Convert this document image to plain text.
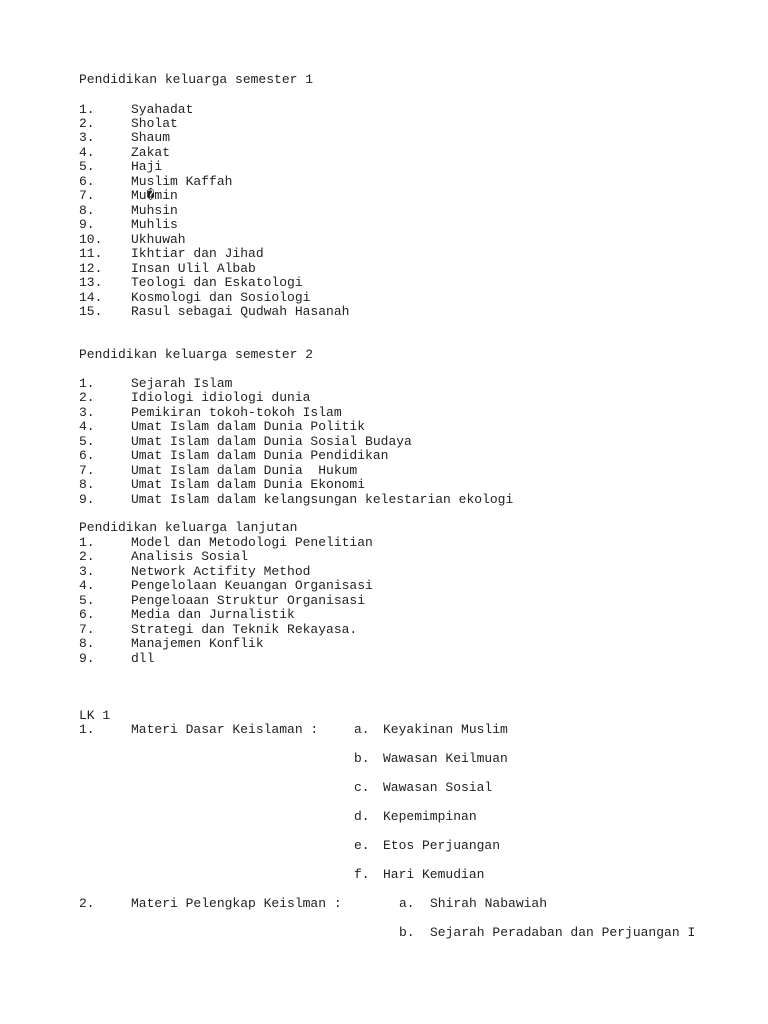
Pendidikan keluarga semester 1
1.	Syahadat
2.	Sholat
3.	Shaum
4.	Zakat
5.	Haji
6.	Muslim Kaffah
7.	Mu�min
8.	Muhsin
9.	Muhlis
10. Ukhuwah
11. Ikhtiar dan Jihad
12. Insan Ulil Albab
13. Teologi dan Eskatologi
14. Kosmologi dan Sosiologi
15. Rasul sebagai Qudwah Hasanah
Pendidikan keluarga semester 2
1.	Sejarah Islam
2.	Idiologi idiologi dunia
3.	Pemikiran tokoh-tokoh Islam
4.	Umat Islam dalam Dunia Politik
5.	Umat Islam dalam Dunia Sosial Budaya
6.	Umat Islam dalam Dunia Pendidikan
7.	Umat Islam dalam Dunia  Hukum
8.	Umat Islam dalam Dunia Ekonomi
9.	Umat Islam dalam kelangsungan kelestarian ekologi
Pendidikan keluarga lanjutan
1.	Model dan Metodologi Penelitian
2.	Analisis Sosial
3.	Network Actifity Method
4.	Pengelolaan Keuangan Organisasi
5.	Pengeloaan Struktur Organisasi
6.	Media dan Jurnalistik
7.	Strategi dan Teknik Rekayasa.
8.	Manajemen Konflik
9.	dll
LK 1
1.	Materi Dasar Keislaman :	a. Keyakinan Muslim
b. Wawasan Keilmuan
c. Wawasan Sosial
d. Kepemimpinan
e. Etos Perjuangan
f. Hari Kemudian
2.	Materi Pelengkap Keislman :	a. Shirah Nabawiah
b. Sejarah Peradaban dan Perjuangan I
